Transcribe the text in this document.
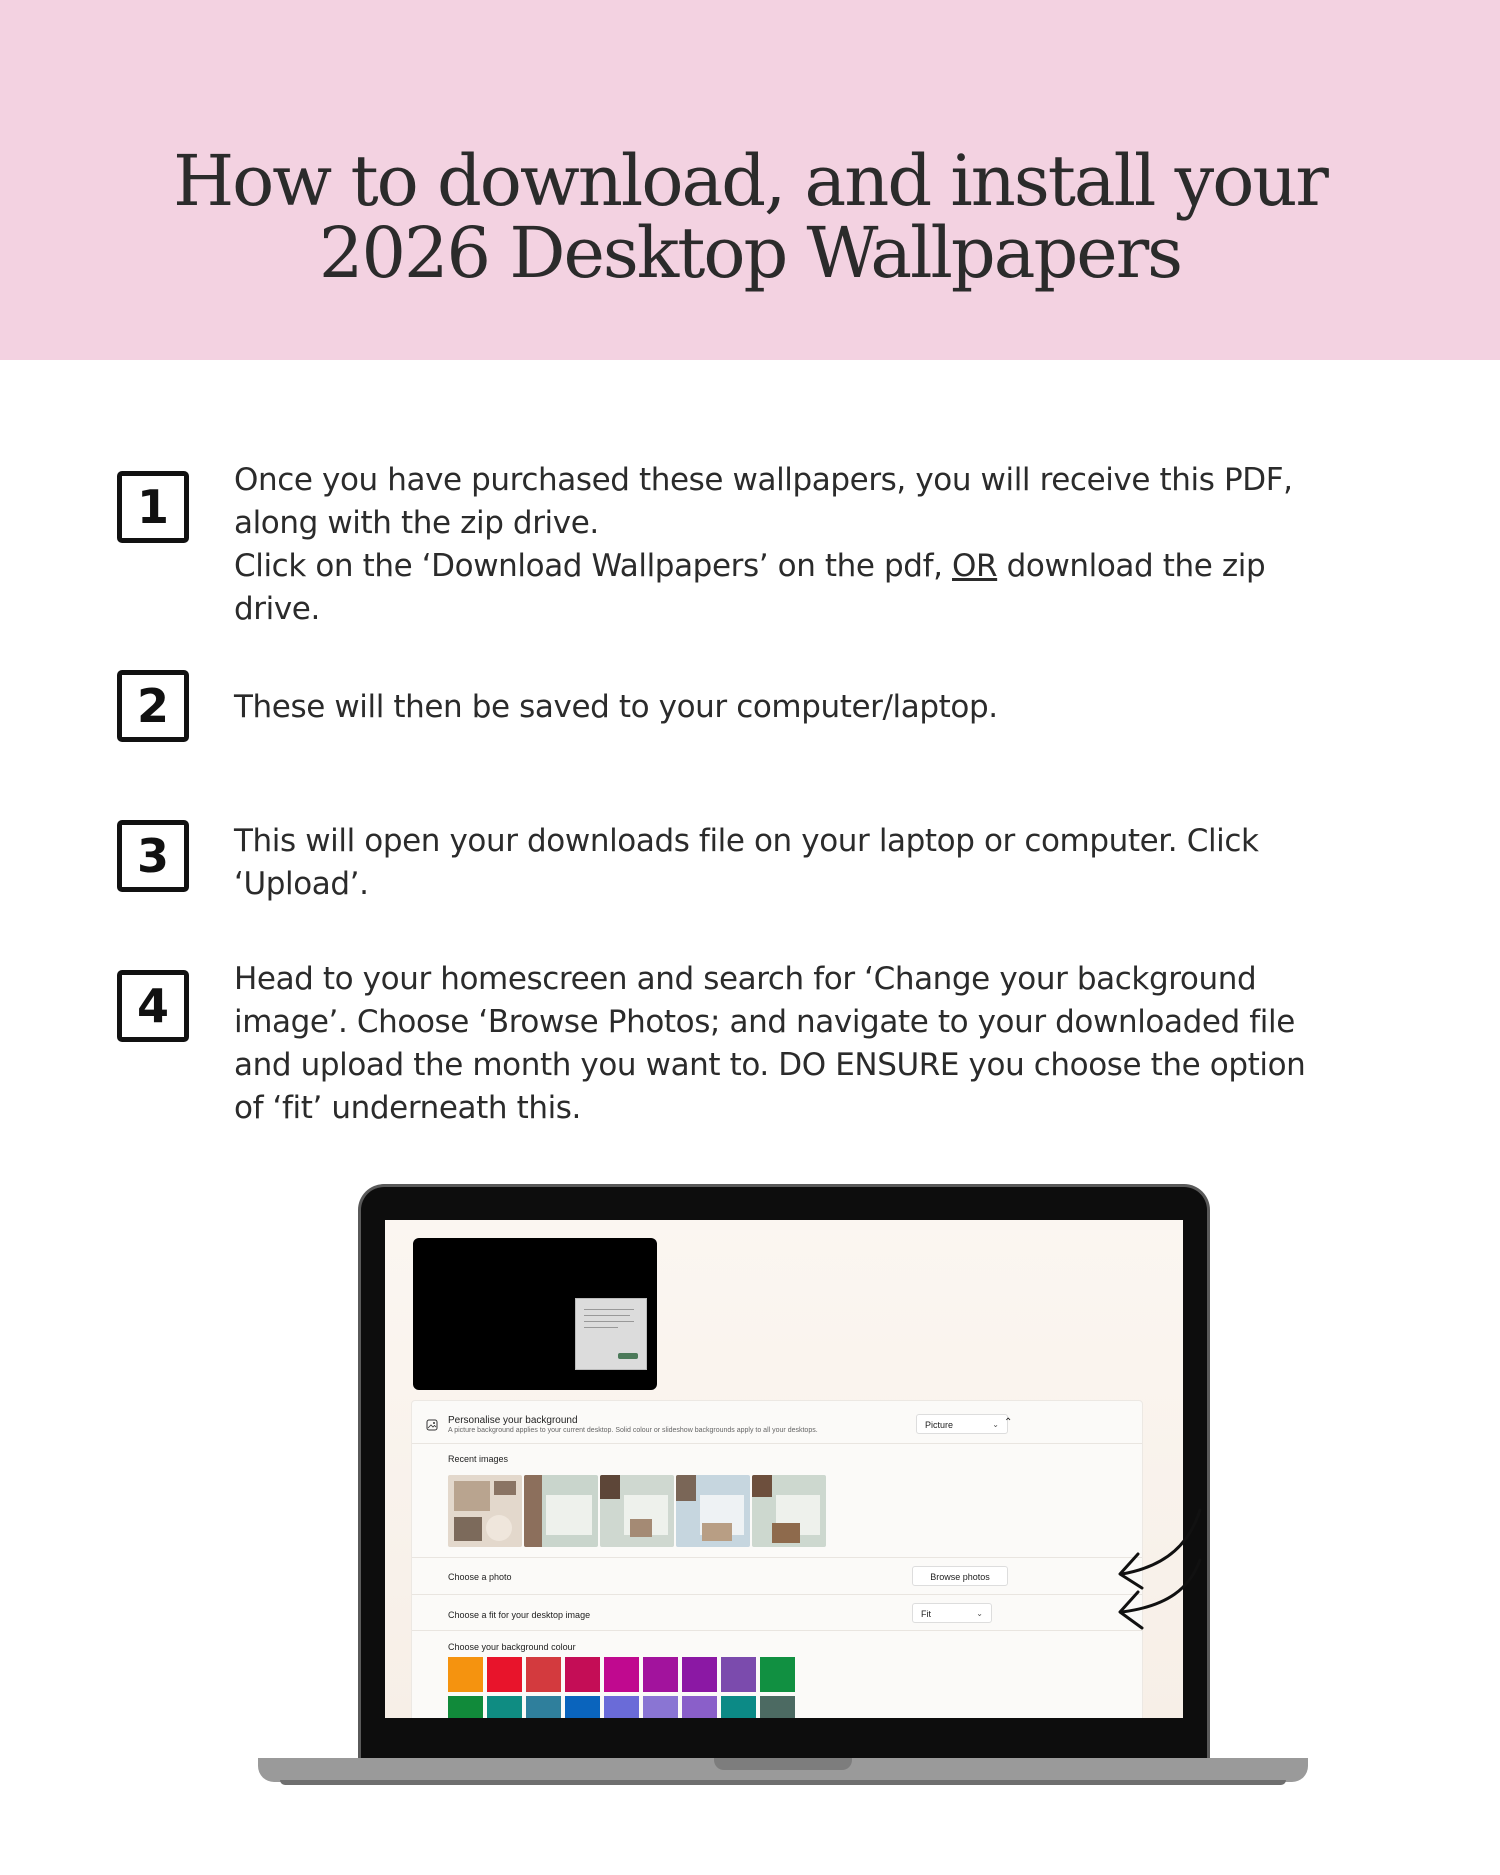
How to download, and install your
2026 Desktop Wallpapers
1	Once you have purchased these wallpapers, you will receive this PDF,
along with the zip drive.
Click on the ‘Download Wallpapers’ on the pdf, OR download the zip
drive.

2	These will then be saved to your computer/laptop.

3	This will open your downloads file on your laptop or computer. Click
‘Upload’.

4	Head to your homescreen and search for ‘Change your background
image’. Choose ‘Browse Photos; and navigate to your downloaded file
and upload the month you want to. DO ENSURE you choose the option
of ‘fit’ underneath this.

Personalise your background
A picture background applies to your current desktop. Solid colour or slideshow backgrounds apply to all your desktops.
Picture	⌄ ⌃
Recent images
Choose a photo	Browse photos
Choose a fit for your desktop image	Fit	⌄
Choose your background colour
